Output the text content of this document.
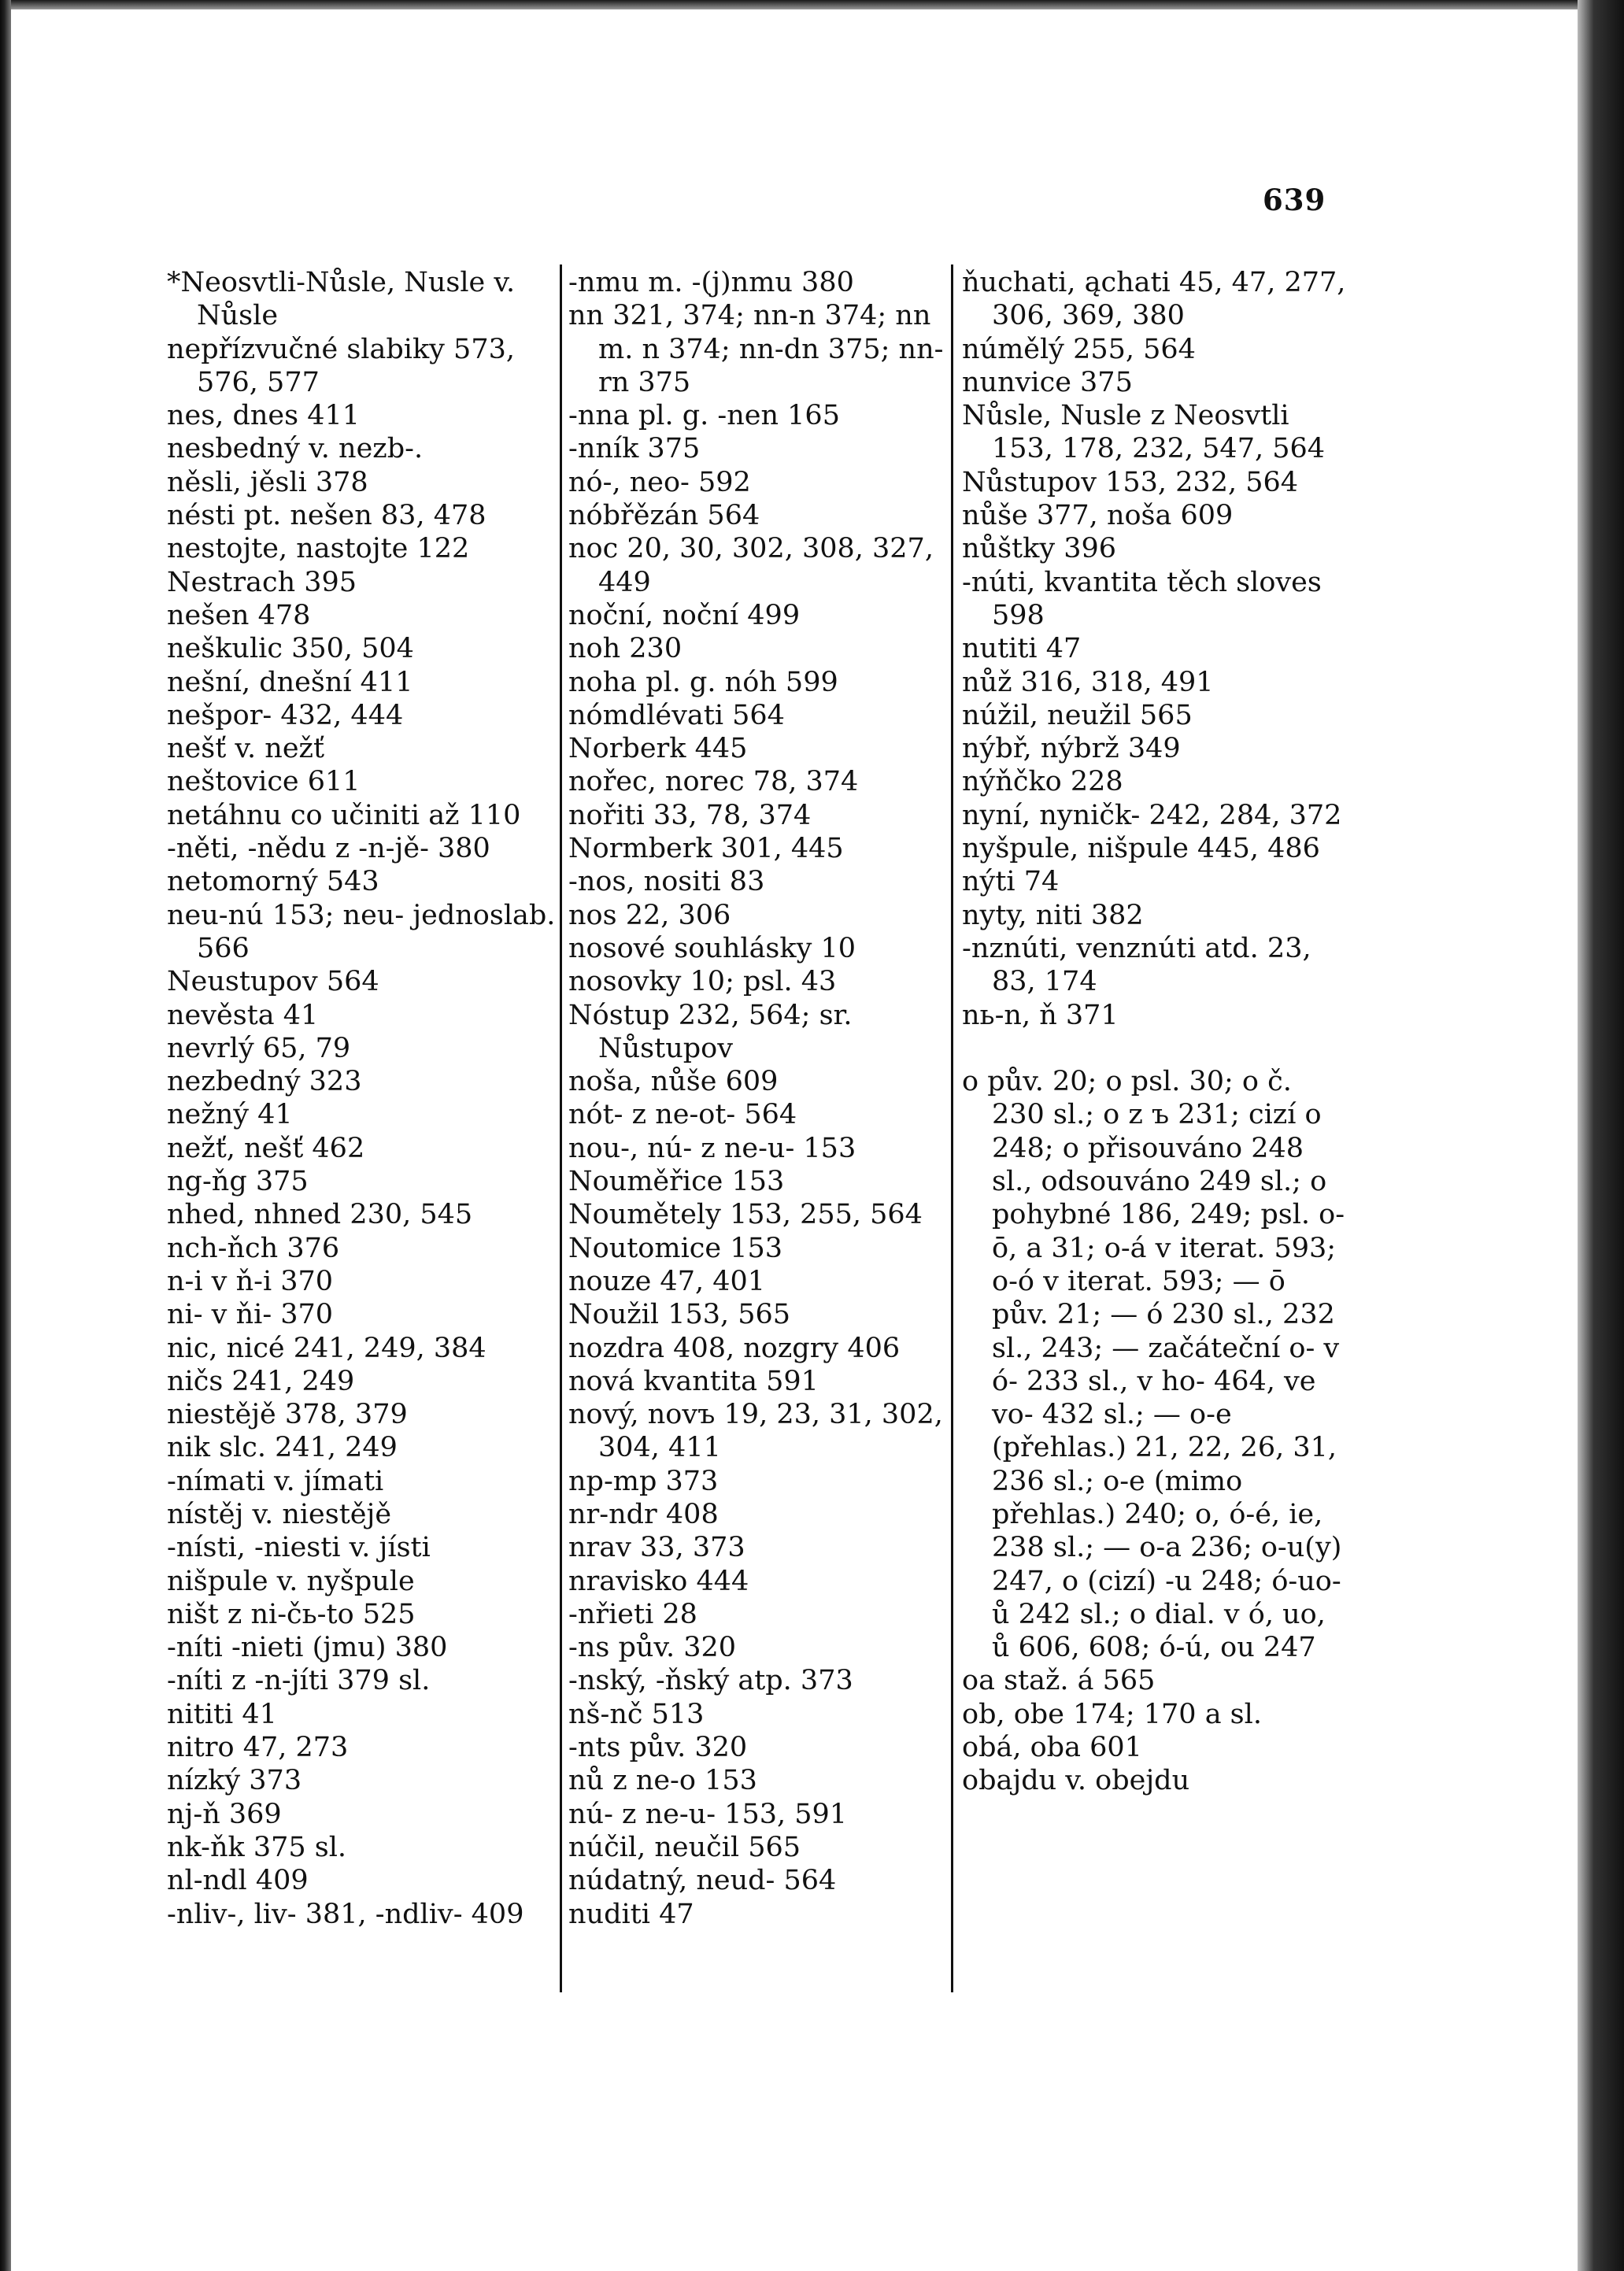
639
*Neosvtli-Nůsle, Nusle v. Nůsle
nepřízvučné slabiky 573, 576, 577
nes, dnes 411
nesbedný v. nezb-.
něsli, jěsli 378
nésti pt. nešen 83, 478
nestojte, nastojte 122
Nestrach 395
nešen 478
neškulic 350, 504
nešní, dnešní 411
nešpor- 432, 444
nešť v. nežť
neštovice 611
netáhnu co učiniti až 110
-něti, -nědu z -n-jě- 380
netomorný 543
neu-nú 153; neu- jednoslab. 566
Neustupov 564
nevěsta 41
nevrlý 65, 79
nezbedný 323
nežný 41
nežť, nešť 462
ng-ňg 375
nhed, nhned 230, 545
nch-ňch 376
n-i v ň-i 370
ni- v ňi- 370
nic, nicé 241, 249, 384
ničs 241, 249
niestějě 378, 379
nik slc. 241, 249
-nímati v. jímati
nístěj v. niestějě
-nísti, -niesti v. jísti
nišpule v. nyšpule
ništ z ni-čь-to 525
-níti -nieti (jmu) 380
-níti z -n-jíti 379 sl.
nititi 41
nitro 47, 273
nízký 373
nj-ň 369
nk-ňk 375 sl.
nl-ndl 409
-nliv-, liv- 381, -ndliv- 409
-nmu m. -(j)nmu 380
nn 321, 374; nn-n 374; nn m. n 374; nn-dn 375; nn-rn 375
-nna pl. g. -nen 165
-nník 375
nó-, neo- 592
nóbřězán 564
noc 20, 30, 302, 308, 327, 449
noční, noční 499
noh 230
noha pl. g. nóh 599
nómdlévati 564
Norberk 445
nořec, norec 78, 374
nořiti 33, 78, 374
Normberk 301, 445
-nos, nositi 83
nos 22, 306
nosové souhlásky 10
nosovky 10; psl. 43
Nóstup 232, 564; sr. Nůstupov
noša, nůše 609
nót- z ne-ot- 564
nou-, nú- z ne-u- 153
Nouměřice 153
Noumětely 153, 255, 564
Noutomice 153
nouze 47, 401
Noužil 153, 565
nozdra 408, nozgry 406
nová kvantita 591
nový, novъ 19, 23, 31, 302, 304, 411
np-mp 373
nr-ndr 408
nrav 33, 373
nravisko 444
-nřieti 28
-ns pův. 320
-nský, -ňský atp. 373
nš-nč 513
-nts pův. 320
nů z ne-o 153
nú- z ne-u- 153, 591
núčil, neučil 565
núdatný, neud- 564
nuditi 47
ňuchati, ąchati 45, 47, 277, 306, 369, 380
númělý 255, 564
nunvice 375
Nůsle, Nusle z Neosvtli 153, 178, 232, 547, 564
Nůstupov 153, 232, 564
nůše 377, noša 609
nůštky 396
-núti, kvantita těch sloves 598
nutiti 47
nůž 316, 318, 491
núžil, neužil 565
nýbř, nýbrž 349
nýňčko 228
nyní, nyničk- 242, 284, 372
nyšpule, nišpule 445, 486
nýti 74
nyty, niti 382
-nznúti, venznúti atd. 23, 83, 174
nь-n, ň 371
o pův. 20; o psl. 30; o č. 230 sl.; o z ъ 231; cizí o 248; o přisouváno 248 sl., odsouváno 249 sl.; o pohybné 186, 249; psl. o-ō, a 31; o-á v iterat. 593; o-ó v iterat. 593; — ō pův. 21; — ó 230 sl., 232 sl., 243; — začáteční o- v ó- 233 sl., v ho- 464, ve vo- 432 sl.; — o-e (přehlas.) 21, 22, 26, 31, 236 sl.; o-e (mimo přehlas.) 240; o, ó-é, ie, 238 sl.; — o-a 236; o-u(y) 247, o (cizí) -u 248; ó-uo-ů 242 sl.; o dial. v ó, uo, ů 606, 608; ó-ú, ou 247
oa staž. á 565
ob, obe 174; 170 a sl.
obá, oba 601
obajdu v. obejdu
